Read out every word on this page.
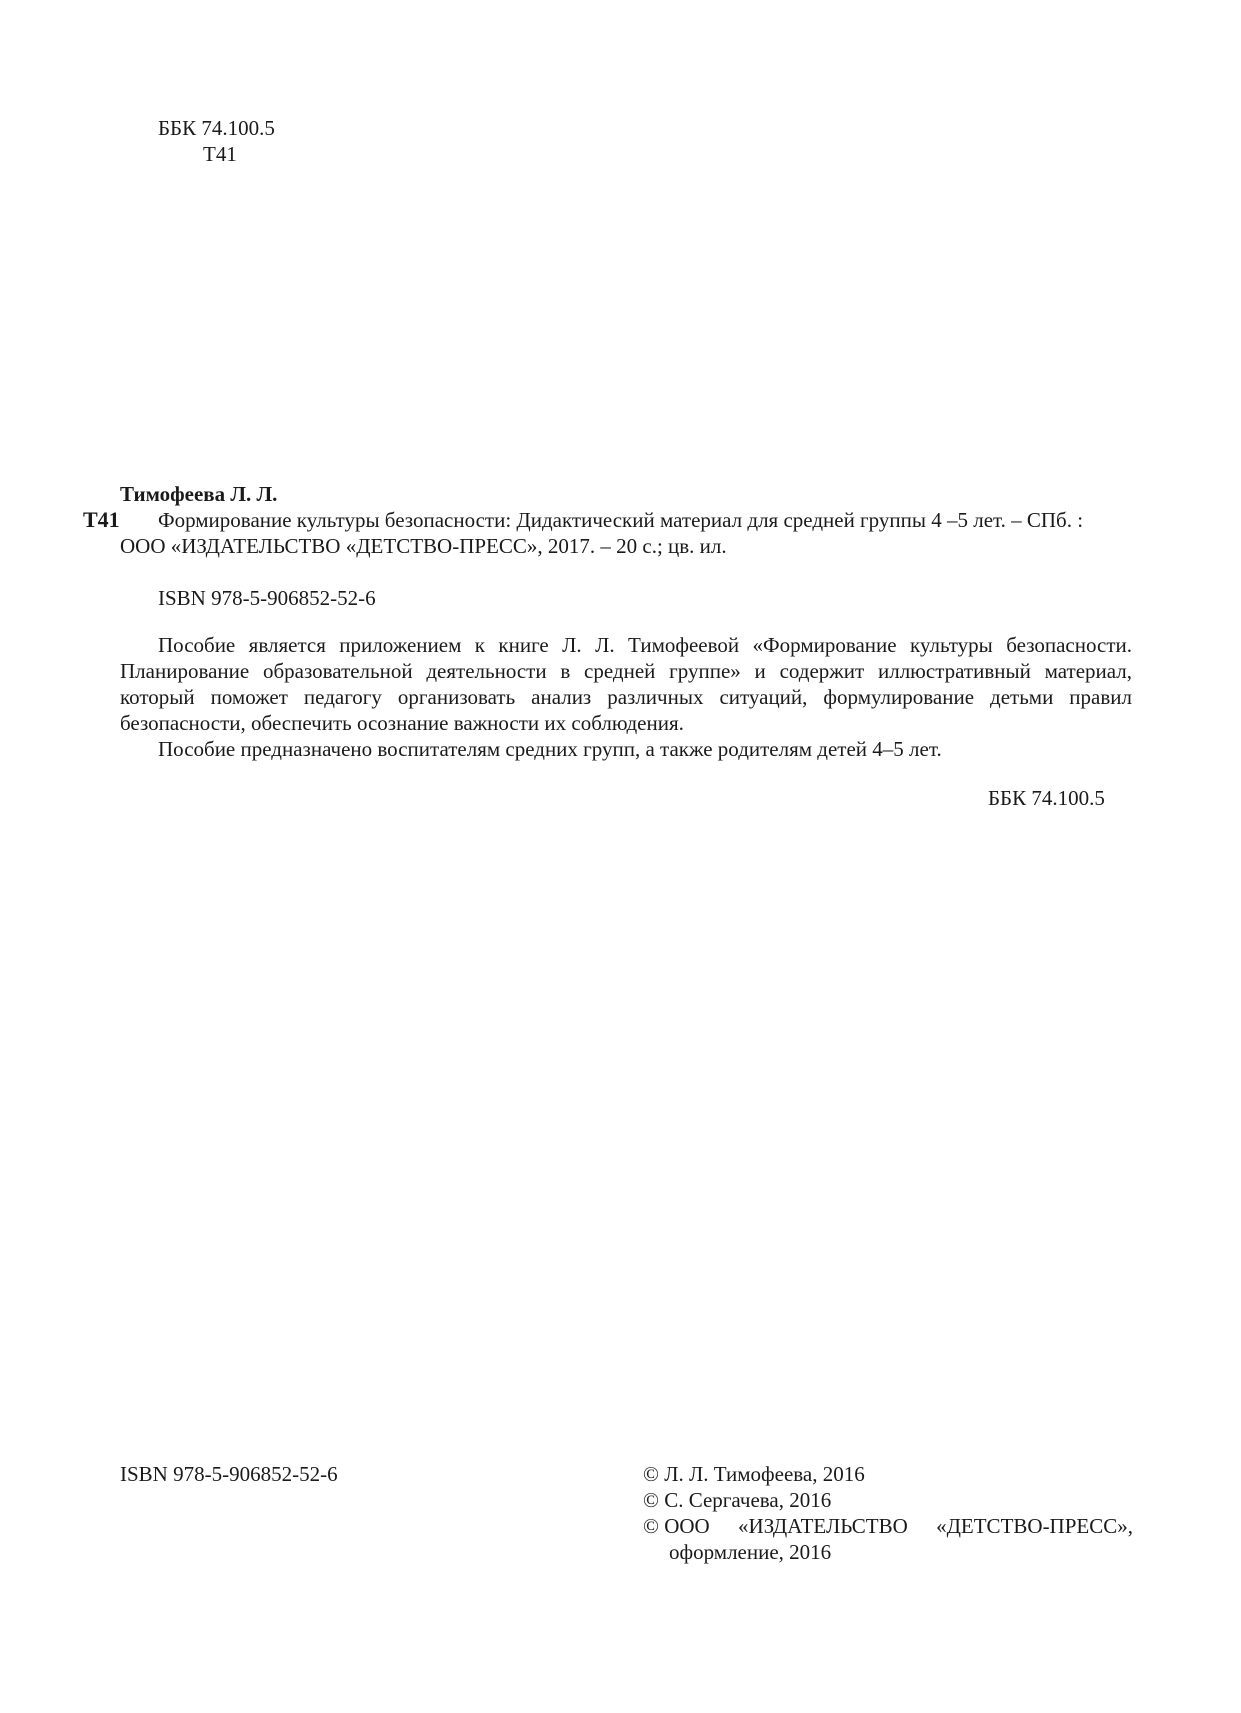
ББК 74.100.5
Т41
Тимофеева Л. Л.
Т41	Формирование культуры безопасности: Дидактический материал для средней группы 4 –5 лет. – СПб. :
ООО «ИЗДАТЕЛЬСТВО «ДЕТСТВО-ПРЕСС», 2017. – 20 с.; цв. ил.
ISBN 978-5-906852-52-6

Пособие является приложением к книге Л. Л. Тимофеевой «Формирование культуры безопасности. Планирование образовательной деятельности в средней группе» и содержит иллюстративный материал, который поможет педагогу организовать анализ различных ситуаций, формулирование детьми правил безопасности, обеспечить осознание важности их соблюдения.

Пособие предназначено воспитателям средних групп, а также родителям детей 4–5 лет.

ББК 74.100.5
ISBN 978-5-906852-52-6	© Л. Л. Тимофеева, 2016
© С. Сергачева, 2016
© ООО «ИЗДАТЕЛЬСТВО «ДЕТСТВО-ПРЕСС»,
оформление, 2016
